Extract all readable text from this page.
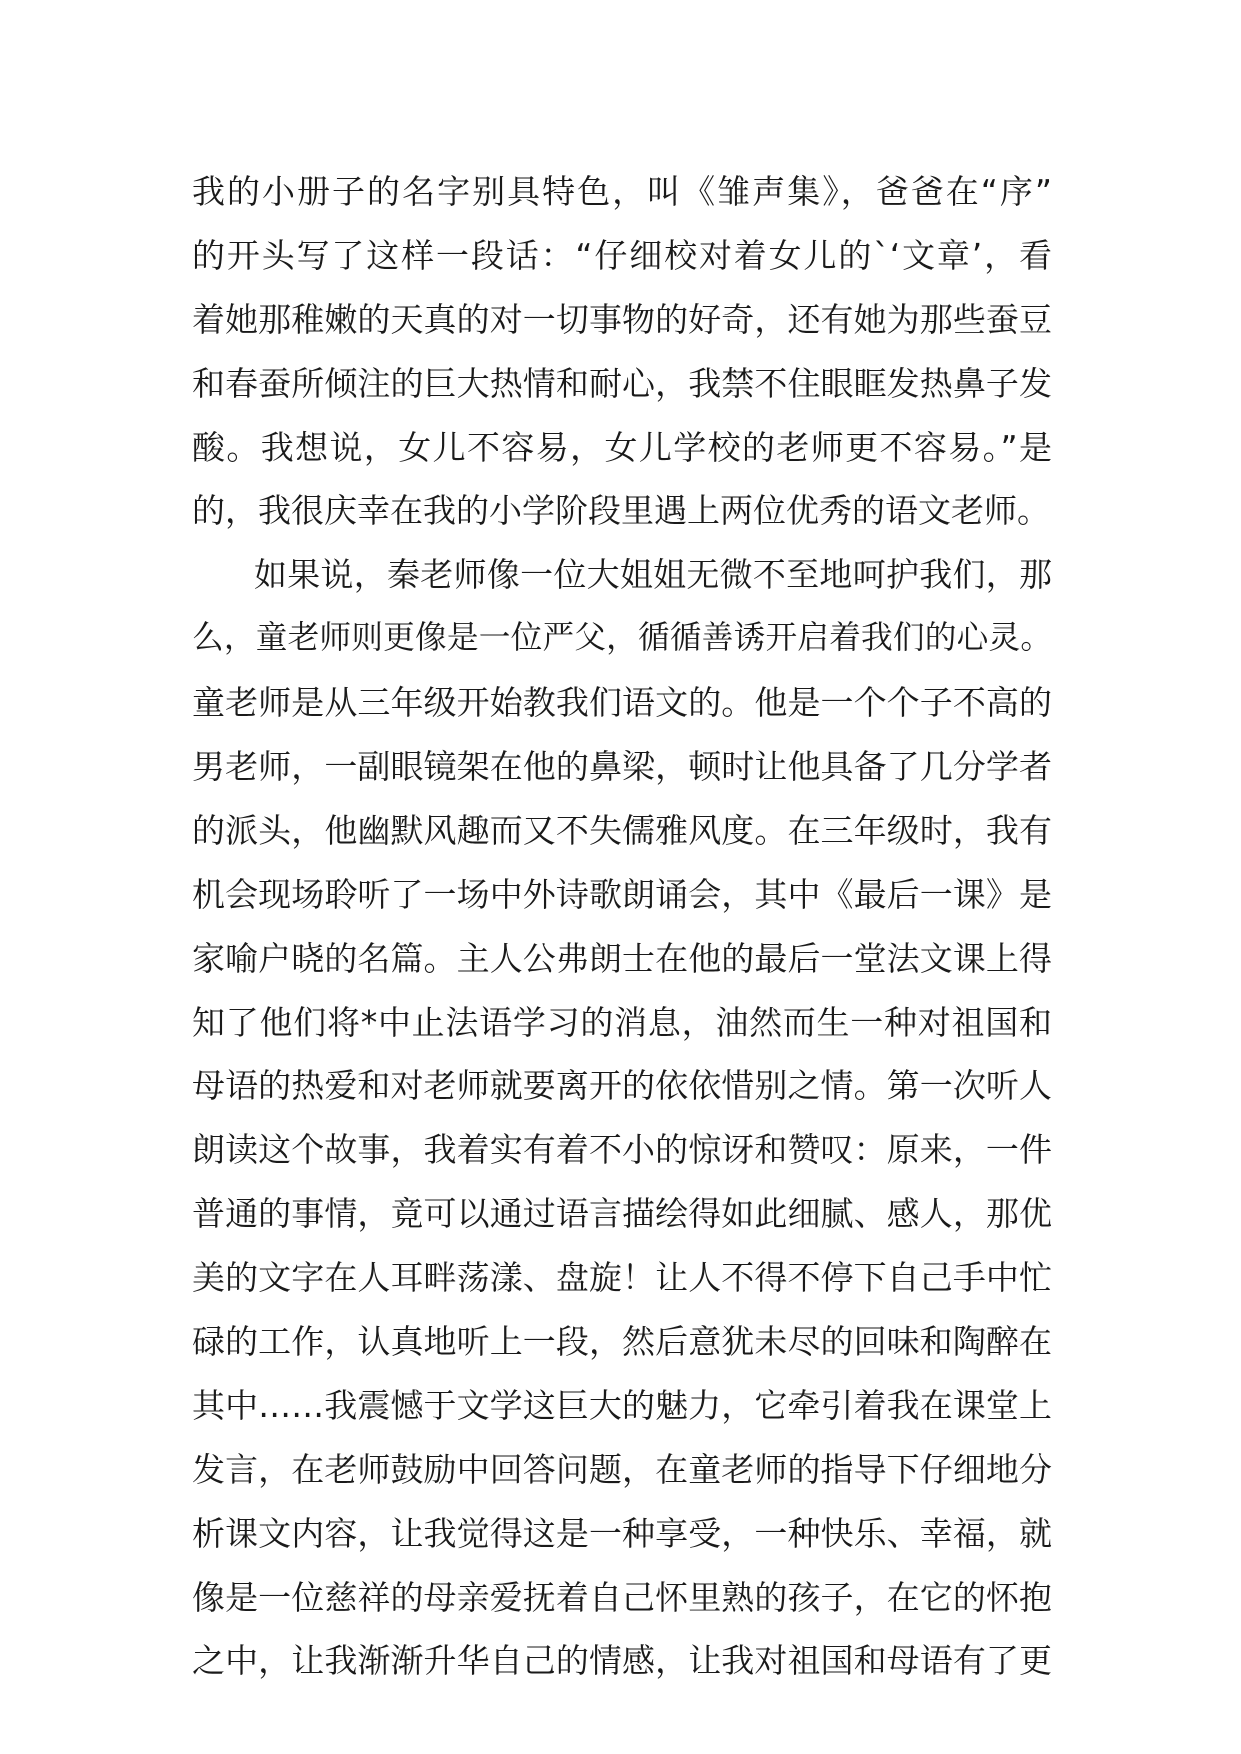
我的小册子的名字别具特色，叫《雏声集》，爸爸在“序”
的开头写了这样一段话：“仔细校对着女儿的`‘文章’，看
着她那稚嫩的天真的对一切事物的好奇，还有她为那些蚕豆
和春蚕所倾注的巨大热情和耐心，我禁不住眼眶发热鼻子发
酸。我想说，女儿不容易，女儿学校的老师更不容易。”是
的，我很庆幸在我的小学阶段里遇上两位优秀的语文老师。
如果说，秦老师像一位大姐姐无微不至地呵护我们，那
么，童老师则更像是一位严父，循循善诱开启着我们的心灵。
童老师是从三年级开始教我们语文的。他是一个个子不高的
男老师，一副眼镜架在他的鼻梁，顿时让他具备了几分学者
的派头，他幽默风趣而又不失儒雅风度。在三年级时，我有
机会现场聆听了一场中外诗歌朗诵会，其中《最后一课》是
家喻户晓的名篇。主人公弗朗士在他的最后一堂法文课上得
知了他们将*中止法语学习的消息，油然而生一种对祖国和
母语的热爱和对老师就要离开的依依惜别之情。第一次听人
朗读这个故事，我着实有着不小的惊讶和赞叹：原来，一件
普通的事情，竟可以通过语言描绘得如此细腻、感人，那优
美的文字在人耳畔荡漾、盘旋！让人不得不停下自己手中忙
碌的工作，认真地听上一段，然后意犹未尽的回味和陶醉在
其中……我震憾于文学这巨大的魅力，它牵引着我在课堂上
发言，在老师鼓励中回答问题，在童老师的指导下仔细地分
析课文内容，让我觉得这是一种享受，一种快乐、幸福，就
像是一位慈祥的母亲爱抚着自己怀里熟的孩子，在它的怀抱
之中，让我渐渐升华自己的情感，让我对祖国和母语有了更
